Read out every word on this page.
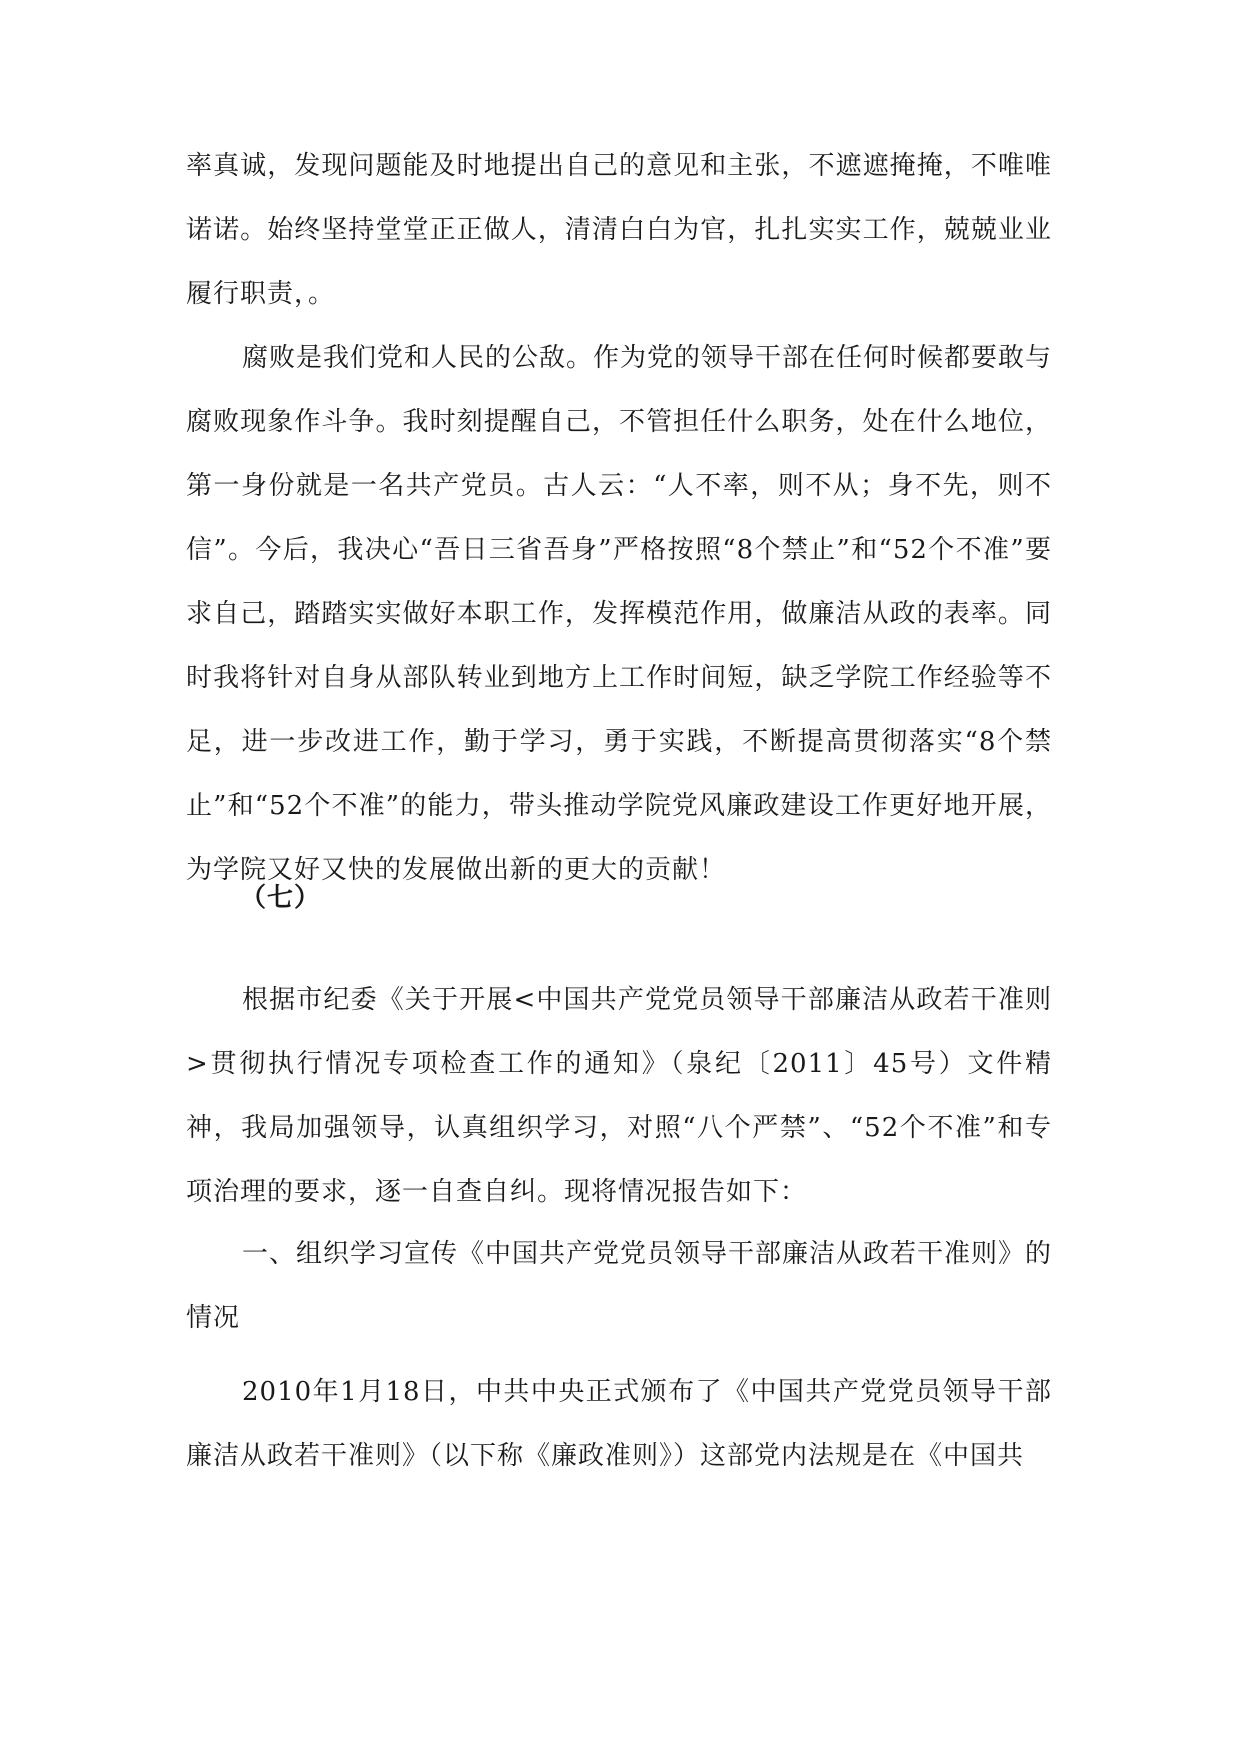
率真诚，发现问题能及时地提出自己的意见和主张，不遮遮掩掩，不唯唯诺诺。始终坚持堂堂正正做人，清清白白为官，扎扎实实工作，兢兢业业履行职责，。

腐败是我们党和人民的公敌。作为党的领导干部在任何时候都要敢与腐败现象作斗争。我时刻提醒自己，不管担任什么职务，处在什么地位，第一身份就是一名共产党员。古人云：“人不率，则不从；身不先，则不信”。今后，我决心“吾日三省吾身”严格按照“8个禁止”和“52个不准”要求自己，踏踏实实做好本职工作，发挥模范作用，做廉洁从政的表率。同时我将针对自身从部队转业到地方上工作时间短，缺乏学院工作经验等不足，进一步改进工作，勤于学习，勇于实践，不断提高贯彻落实“8个禁止”和“52个不准”的能力，带头推动学院党风廉政建设工作更好地开展，为学院又好又快的发展做出新的更大的贡献！

（七）

根据市纪委《关于开展<中国共产党党员领导干部廉洁从政若干准则>贯彻执行情况专项检查工作的通知》（泉纪〔2011〕45号）文件精神，我局加强领导，认真组织学习，对照“八个严禁”、“52个不准”和专项治理的要求，逐一自查自纠。现将情况报告如下：

一、组织学习宣传《中国共产党党员领导干部廉洁从政若干准则》的情况

2010年1月18日，中共中央正式颁布了《中国共产党党员领导干部廉洁从政若干准则》（以下称《廉政准则》）这部党内法规是在《中国共
